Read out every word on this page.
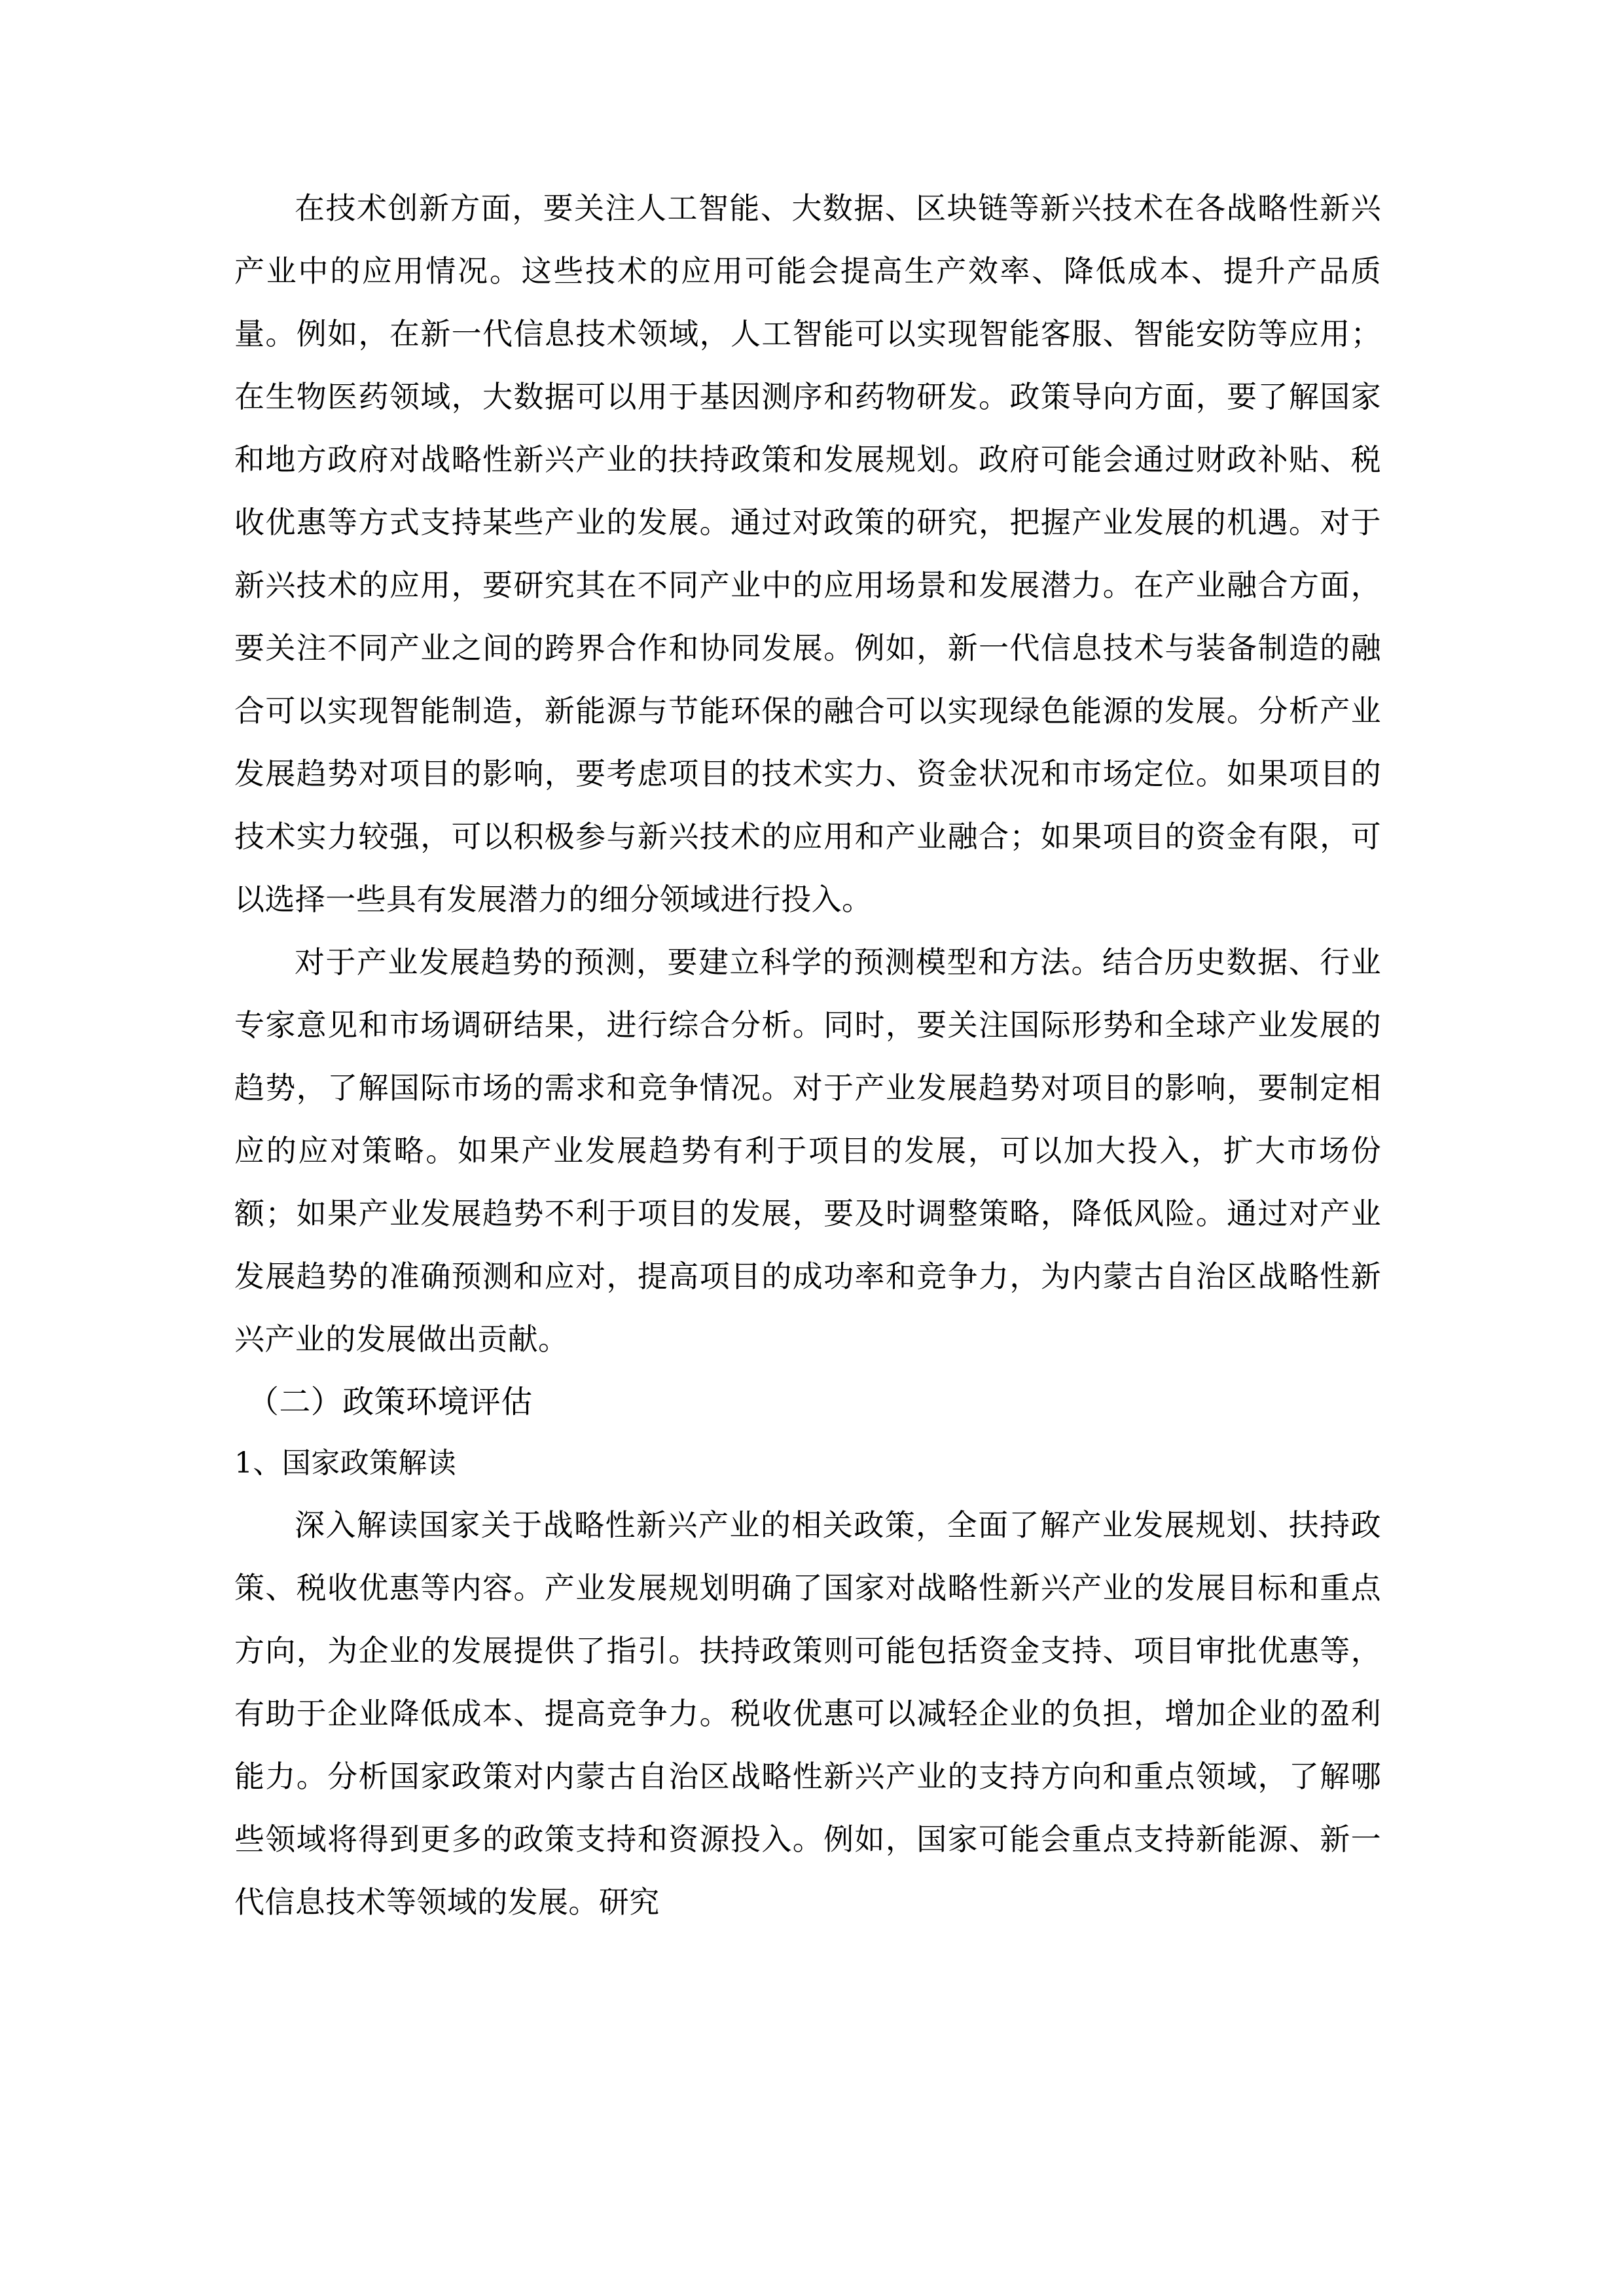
在技术创新方面，要关注人工智能、大数据、区块链等新兴技术在各战略性新兴产业中的应用情况。这些技术的应用可能会提高生产效率、降低成本、提升产品质量。例如，在新一代信息技术领域，人工智能可以实现智能客服、智能安防等应用；在生物医药领域，大数据可以用于基因测序和药物研发。政策导向方面，要了解国家和地方政府对战略性新兴产业的扶持政策和发展规划。政府可能会通过财政补贴、税收优惠等方式支持某些产业的发展。通过对政策的研究，把握产业发展的机遇。对于新兴技术的应用，要研究其在不同产业中的应用场景和发展潜力。在产业融合方面，要关注不同产业之间的跨界合作和协同发展。例如，新一代信息技术与装备制造的融合可以实现智能制造，新能源与节能环保的融合可以实现绿色能源的发展。分析产业发展趋势对项目的影响，要考虑项目的技术实力、资金状况和市场定位。如果项目的技术实力较强，可以积极参与新兴技术的应用和产业融合；如果项目的资金有限，可以选择一些具有发展潜力的细分领域进行投入。

对于产业发展趋势的预测，要建立科学的预测模型和方法。结合历史数据、行业专家意见和市场调研结果，进行综合分析。同时，要关注国际形势和全球产业发展的趋势，了解国际市场的需求和竞争情况。对于产业发展趋势对项目的影响，要制定相应的应对策略。如果产业发展趋势有利于项目的发展，可以加大投入，扩大市场份额；如果产业发展趋势不利于项目的发展，要及时调整策略，降低风险。通过对产业发展趋势的准确预测和应对，提高项目的成功率和竞争力，为内蒙古自治区战略性新兴产业的发展做出贡献。

（二）政策环境评估
1、国家政策解读

深入解读国家关于战略性新兴产业的相关政策，全面了解产业发展规划、扶持政策、税收优惠等内容。产业发展规划明确了国家对战略性新兴产业的发展目标和重点方向，为企业的发展提供了指引。扶持政策则可能包括资金支持、项目审批优惠等，有助于企业降低成本、提高竞争力。税收优惠可以减轻企业的负担，增加企业的盈利能力。分析国家政策对内蒙古自治区战略性新兴产业的支持方向和重点领域，了解哪些领域将得到更多的政策支持和资源投入。例如，国家可能会重点支持新能源、新一代信息技术等领域的发展。研究
